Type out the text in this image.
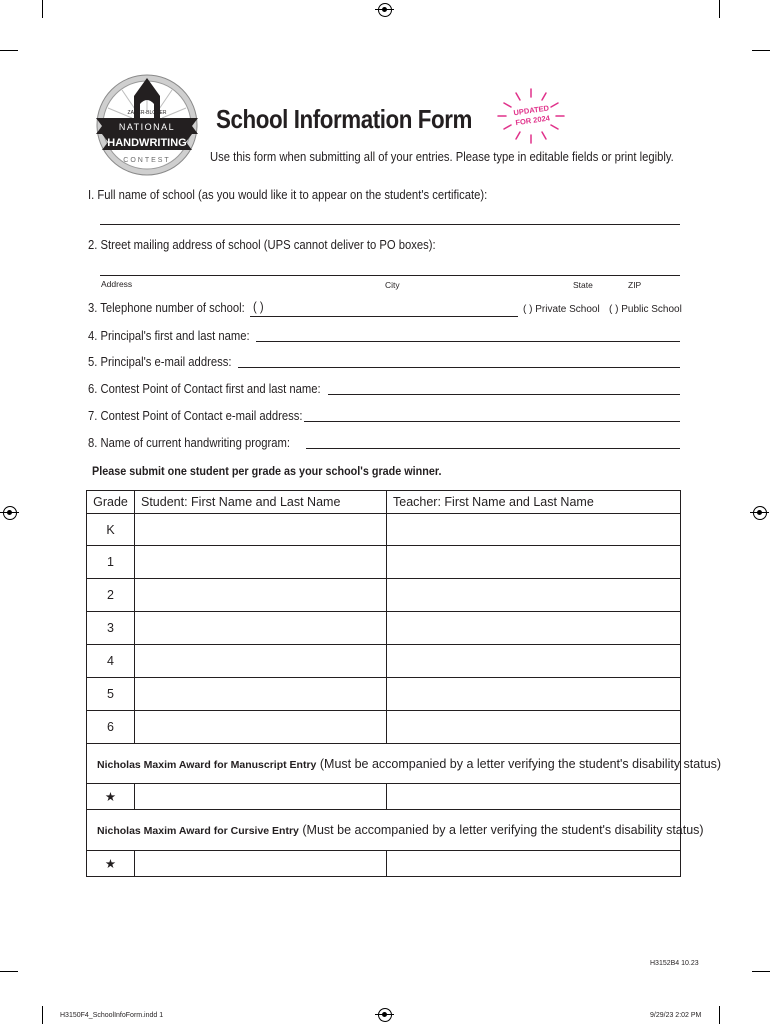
ZANER-BLOSER
NATIONAL
HANDWRITING
CONTEST
School Information Form	UPDATED
FOR 2024
Use this form when submitting all of your entries. Please type in editable fields or print legibly.
I. Full name of school (as you would like it to appear on the student's certificate):
2. Street mailing address of school (UPS cannot deliver to PO boxes):
Address	City	State	ZIP
3. Telephone number of school: ( )	( ) Private School ( ) Public School
4. Principal's first and last name:
5. Principal's e-mail address:
6. Contest Point of Contact first and last name:
7. Contest Point of Contact e-mail address:
8. Name of current handwriting program:
Please submit one student per grade as your school's grade winner.
Grade	Student: First Name and Last Name	Teacher: First Name and Last Name
K		
1		
2		
3		
4		
5		
6		
Nicholas Maxim Award for Manuscript Entry (Must be accompanied by a letter verifying the student's disability status)		
★		
Nicholas Maxim Award for Cursive Entry (Must be accompanied by a letter verifying the student's disability status)		
★		
H3152B4 10.23
H3150F4_SchoolInfoForm.indd 1	9/29/23 2:02 PM
